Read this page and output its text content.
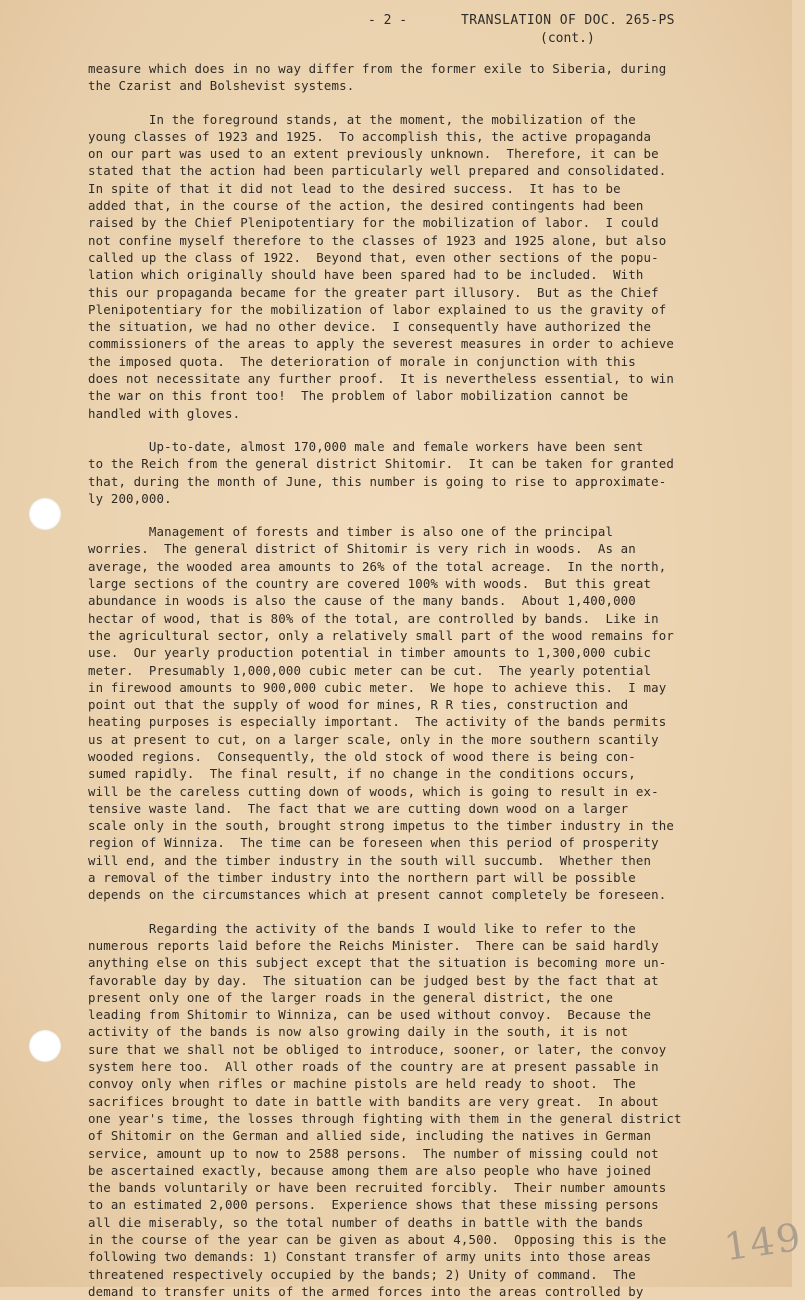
- 2 -

	TRANSLATION OF DOC. 265-PS

(cont.)

measure which does in no way differ from the former exile to Siberia, during
the Czarist and Bolshevist systems.
In the foreground stands, at the moment, the mobilization of the
young classes of 1923 and 1925.  To accomplish this, the active propaganda
on our part was used to an extent previously unknown.  Therefore, it can be
stated that the action had been particularly well prepared and consolidated.
In spite of that it did not lead to the desired success.  It has to be
added that, in the course of the action, the desired contingents had been
raised by the Chief Plenipotentiary for the mobilization of labor.  I could
not confine myself therefore to the classes of 1923 and 1925 alone, but also
called up the class of 1922.  Beyond that, even other sections of the popu-
lation which originally should have been spared had to be included.  With
this our propaganda became for the greater part illusory.  But as the Chief
Plenipotentiary for the mobilization of labor explained to us the gravity of
the situation, we had no other device.  I consequently have authorized the
commissioners of the areas to apply the severest measures in order to achieve
the imposed quota.  The deterioration of morale in conjunction with this
does not necessitate any further proof.  It is nevertheless essential, to win
the war on this front too!  The problem of labor mobilization cannot be
handled with gloves.
Up-to-date, almost 170,000 male and female workers have been sent
to the Reich from the general district Shitomir.  It can be taken for granted
that, during the month of June, this number is going to rise to approximate-
ly 200,000.
Management of forests and timber is also one of the principal
worries.  The general district of Shitomir is very rich in woods.  As an
average, the wooded area amounts to 26% of the total acreage.  In the north,
large sections of the country are covered 100% with woods.  But this great
abundance in woods is also the cause of the many bands.  About 1,400,000
hectar of wood, that is 80% of the total, are controlled by bands.  Like in
the agricultural sector, only a relatively small part of the wood remains for
use.  Our yearly production potential in timber amounts to 1,300,000 cubic
meter.  Presumably 1,000,000 cubic meter can be cut.  The yearly potential
in firewood amounts to 900,000 cubic meter.  We hope to achieve this.  I may
point out that the supply of wood for mines, R R ties, construction and
heating purposes is especially important.  The activity of the bands permits
us at present to cut, on a larger scale, only in the more southern scantily
wooded regions.  Consequently, the old stock of wood there is being con-
sumed rapidly.  The final result, if no change in the conditions occurs,
will be the careless cutting down of woods, which is going to result in ex-
tensive waste land.  The fact that we are cutting down wood on a larger
scale only in the south, brought strong impetus to the timber industry in the
region of Winniza.  The time can be foreseen when this period of prosperity
will end, and the timber industry in the south will succumb.  Whether then
a removal of the timber industry into the northern part will be possible
depends on the circumstances which at present cannot completely be foreseen.
Regarding the activity of the bands I would like to refer to the
numerous reports laid before the Reichs Minister.  There can be said hardly
anything else on this subject except that the situation is becoming more un-
favorable day by day.  The situation can be judged best by the fact that at
present only one of the larger roads in the general district, the one
leading from Shitomir to Winniza, can be used without convoy.  Because the
activity of the bands is now also growing daily in the south, it is not
sure that we shall not be obliged to introduce, sooner, or later, the convoy
system here too.  All other roads of the country are at present passable in
convoy only when rifles or machine pistols are held ready to shoot.  The
sacrifices brought to date in battle with bandits are very great.  In about
one year's time, the losses through fighting with them in the general district
of Shitomir on the German and allied side, including the natives in German
service, amount up to now to 2588 persons.  The number of missing could not
be ascertained exactly, because among them are also people who have joined
the bands voluntarily or have been recruited forcibly.  Their number amounts
to an estimated 2,000 persons.  Experience shows that these missing persons
all die miserably, so the total number of deaths in battle with the bands
in the course of the year can be given as about 4,500.  Opposing this is the
following two demands: 1) Constant transfer of army units into those areas
threatened respectively occupied by the bands; 2) Unity of command.  The
demand to transfer units of the armed forces into the areas controlled by
149
